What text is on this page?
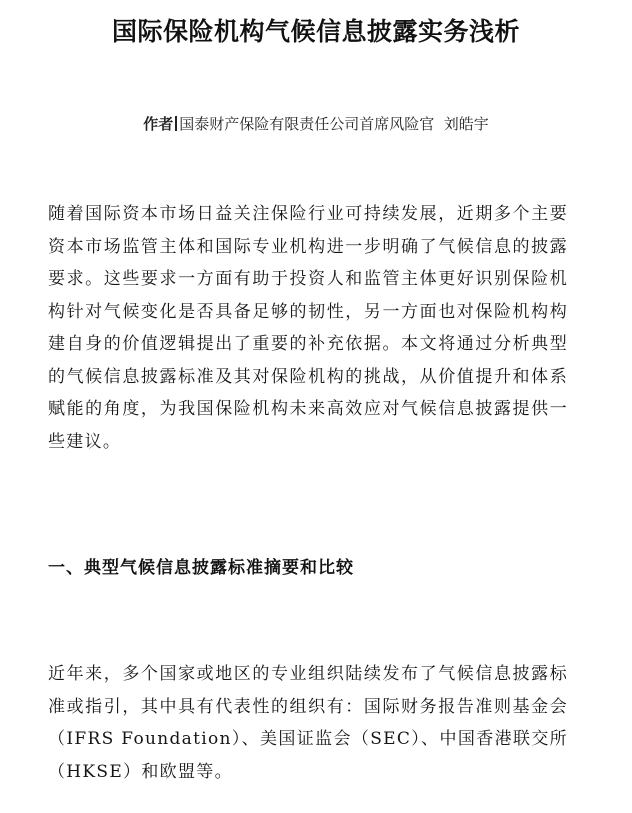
国际保险机构气候信息披露实务浅析
作者 国泰财产保险有限责任公司首席风险官  刘皓宇

随着国际资本市场日益关注保险行业可持续发展，近期多个主要资本市场监管主体和国际专业机构进一步明确了气候信息的披露要求。这些要求一方面有助于投资人和监管主体更好识别保险机构针对气候变化是否具备足够的韧性，另一方面也对保险机构构建自身的价值逻辑提出了重要的补充依据。本文将通过分析典型的气候信息披露标准及其对保险机构的挑战，从价值提升和体系赋能的角度，为我国保险机构未来高效应对气候信息披露提供一些建议。

一、典型气候信息披露标准摘要和比较

近年来，多个国家或地区的专业组织陆续发布了气候信息披露标准或指引，其中具有代表性的组织有：国际财务报告准则基金会（IFRS Foundation）、美国证监会（SEC）、中国香港联交所（HKSE）和欧盟等。
